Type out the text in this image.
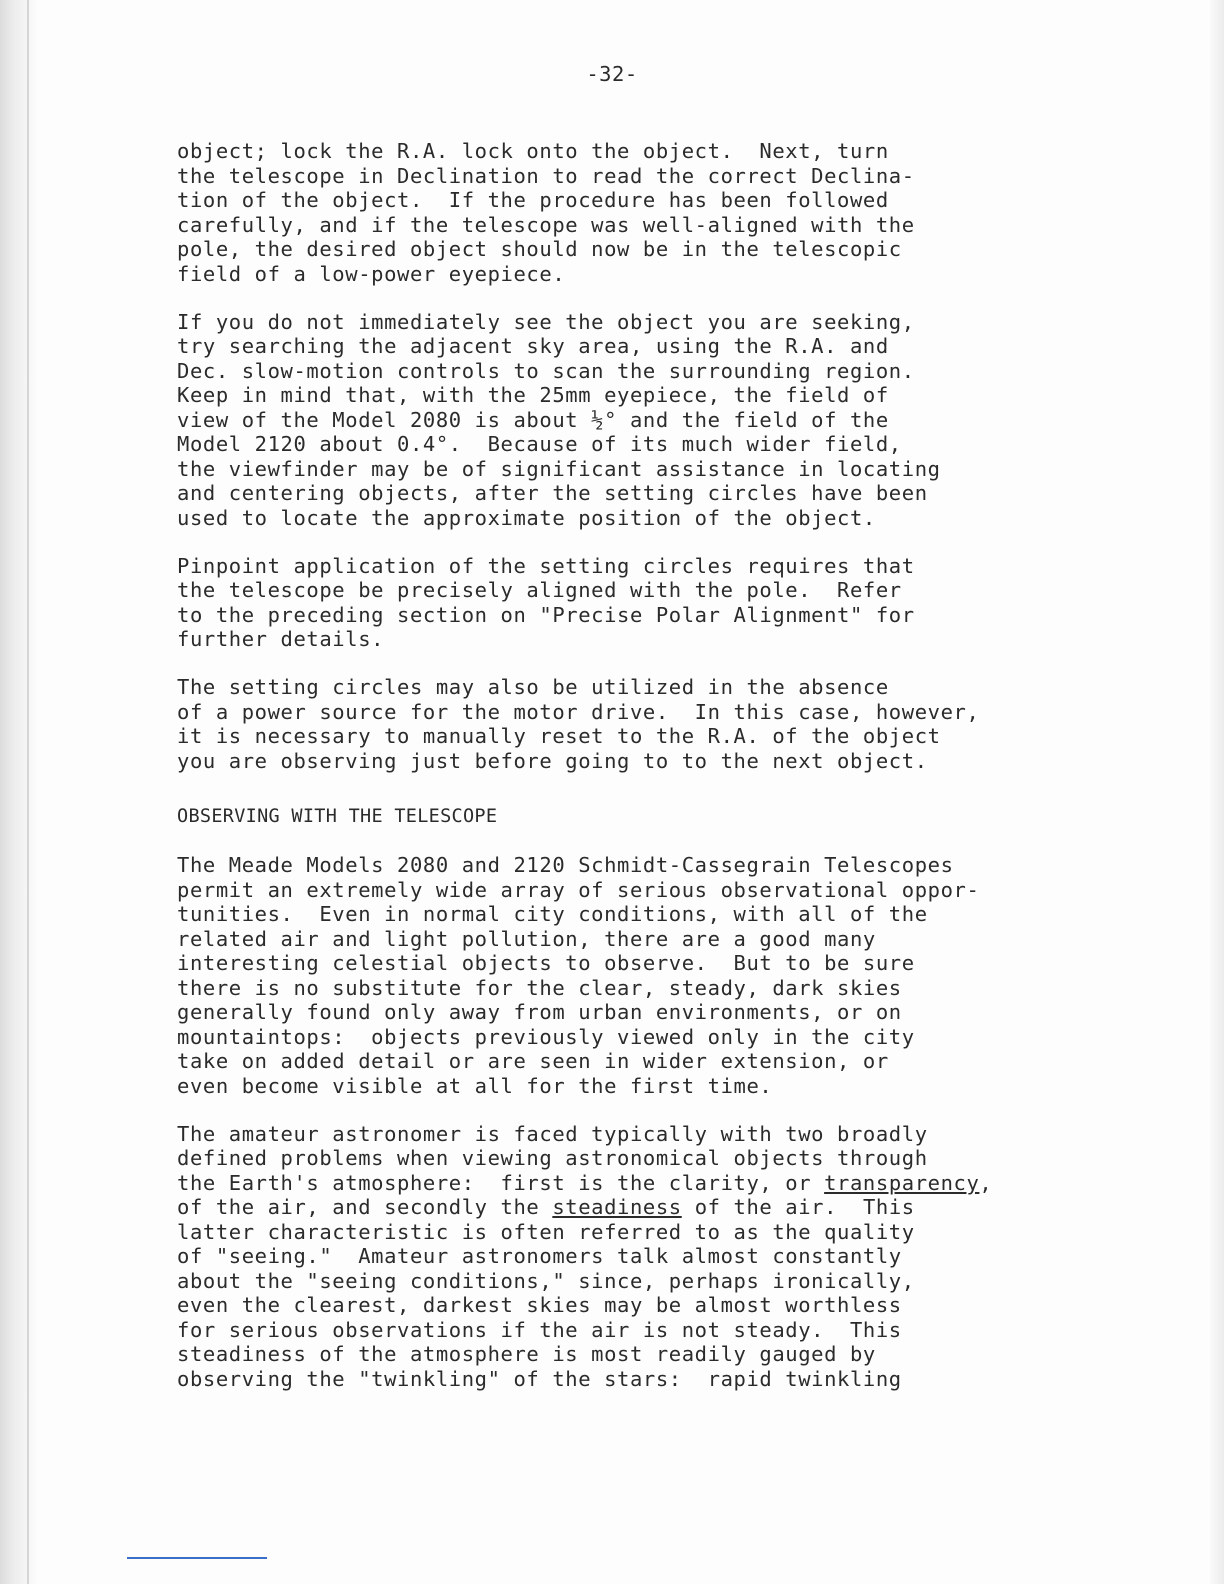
-32-
object; lock the R.A. lock onto the object.  Next, turn
the telescope in Declination to read the correct Declina-
tion of the object.  If the procedure has been followed
carefully, and if the telescope was well-aligned with the
pole, the desired object should now be in the telescopic
field of a low-power eyepiece.
If you do not immediately see the object you are seeking,
try searching the adjacent sky area, using the R.A. and
Dec. slow-motion controls to scan the surrounding region.
Keep in mind that, with the 25mm eyepiece, the field of
view of the Model 2080 is about ½° and the field of the
Model 2120 about 0.4°.  Because of its much wider field,
the viewfinder may be of significant assistance in locating
and centering objects, after the setting circles have been
used to locate the approximate position of the object.
Pinpoint application of the setting circles requires that
the telescope be precisely aligned with the pole.  Refer
to the preceding section on "Precise Polar Alignment" for
further details.
The setting circles may also be utilized in the absence
of a power source for the motor drive.  In this case, however,
it is necessary to manually reset to the R.A. of the object
you are observing just before going to to the next object.
OBSERVING WITH THE TELESCOPE
The Meade Models 2080 and 2120 Schmidt-Cassegrain Telescopes
permit an extremely wide array of serious observational oppor-
tunities.  Even in normal city conditions, with all of the
related air and light pollution, there are a good many
interesting celestial objects to observe.  But to be sure
there is no substitute for the clear, steady, dark skies
generally found only away from urban environments, or on
mountaintops:  objects previously viewed only in the city
take on added detail or are seen in wider extension, or
even become visible at all for the first time.
The amateur astronomer is faced typically with two broadly
defined problems when viewing astronomical objects through
the Earth's atmosphere:  first is the clarity, or transparency,
of the air, and secondly the steadiness of the air.  This
latter characteristic is often referred to as the quality
of "seeing."  Amateur astronomers talk almost constantly
about the "seeing conditions," since, perhaps ironically,
even the clearest, darkest skies may be almost worthless
for serious observations if the air is not steady.  This
steadiness of the atmosphere is most readily gauged by
observing the "twinkling" of the stars:  rapid twinkling
